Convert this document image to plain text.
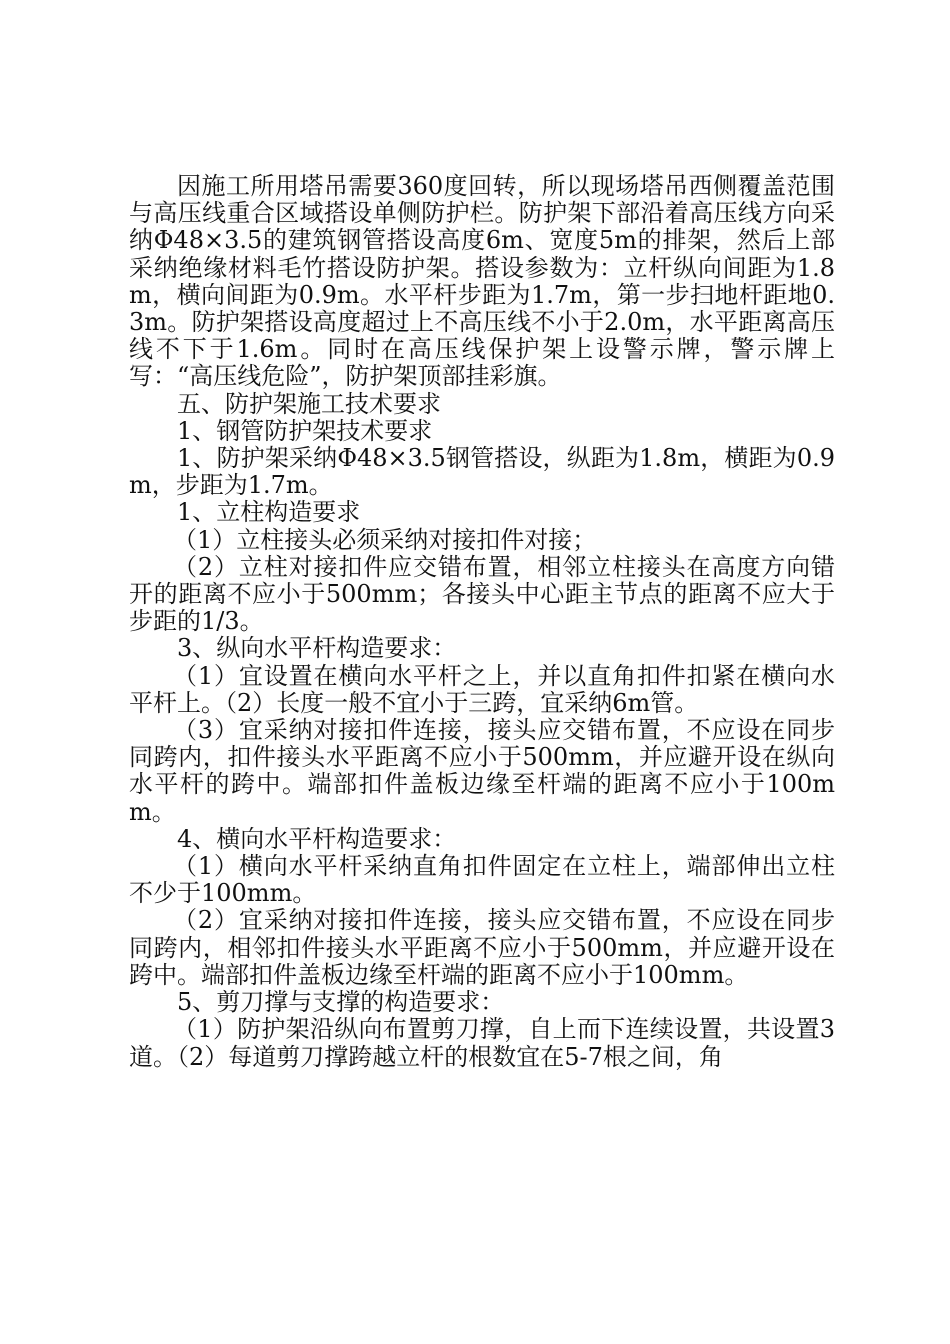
因施工所用塔吊需要360度回转，所以现场塔吊西侧覆盖范围与高压线重合区域搭设单侧防护栏。防护架下部沿着高压线方向采纳Φ48×3.5的建筑钢管搭设高度6m、宽度5m的排架，然后上部采纳绝缘材料毛竹搭设防护架。搭设参数为：立杆纵向间距为1.8m，横向间距为0.9m。水平杆步距为1.7m，第一步扫地杆距地0.3m。防护架搭设高度超过上不高压线不小于2.0m，水平距离高压线不下于1.6m。同时在高压线保护架上设警示牌，警示牌上写：“高压线危险”，防护架顶部挂彩旗。

五、防护架施工技术要求

1、钢管防护架技术要求

1、防护架采纳Φ48×3.5钢管搭设，纵距为1.8m，横距为0.9m，步距为1.7m。

1、立柱构造要求

（1）立柱接头必须采纳对接扣件对接；

（2）立柱对接扣件应交错布置，相邻立柱接头在高度方向错开的距离不应小于500mm；各接头中心距主节点的距离不应大于步距的1/3。

3、纵向水平杆构造要求：

（1）宜设置在横向水平杆之上，并以直角扣件扣紧在横向水平杆上。（2）长度一般不宜小于三跨，宜采纳6m管。

（3）宜采纳对接扣件连接，接头应交错布置，不应设在同步同跨内，扣件接头水平距离不应小于500mm，并应避开设在纵向水平杆的跨中。端部扣件盖板边缘至杆端的距离不应小于100mm。

4、横向水平杆构造要求：

（1）横向水平杆采纳直角扣件固定在立柱上，端部伸出立柱不少于100mm。

（2）宜采纳对接扣件连接，接头应交错布置，不应设在同步同跨内，相邻扣件接头水平距离不应小于500mm，并应避开设在跨中。端部扣件盖板边缘至杆端的距离不应小于100mm。

5、剪刀撑与支撑的构造要求：

（1）防护架沿纵向布置剪刀撑，自上而下连续设置，共设置3道。（2）每道剪刀撑跨越立杆的根数宜在5-7根之间，角
